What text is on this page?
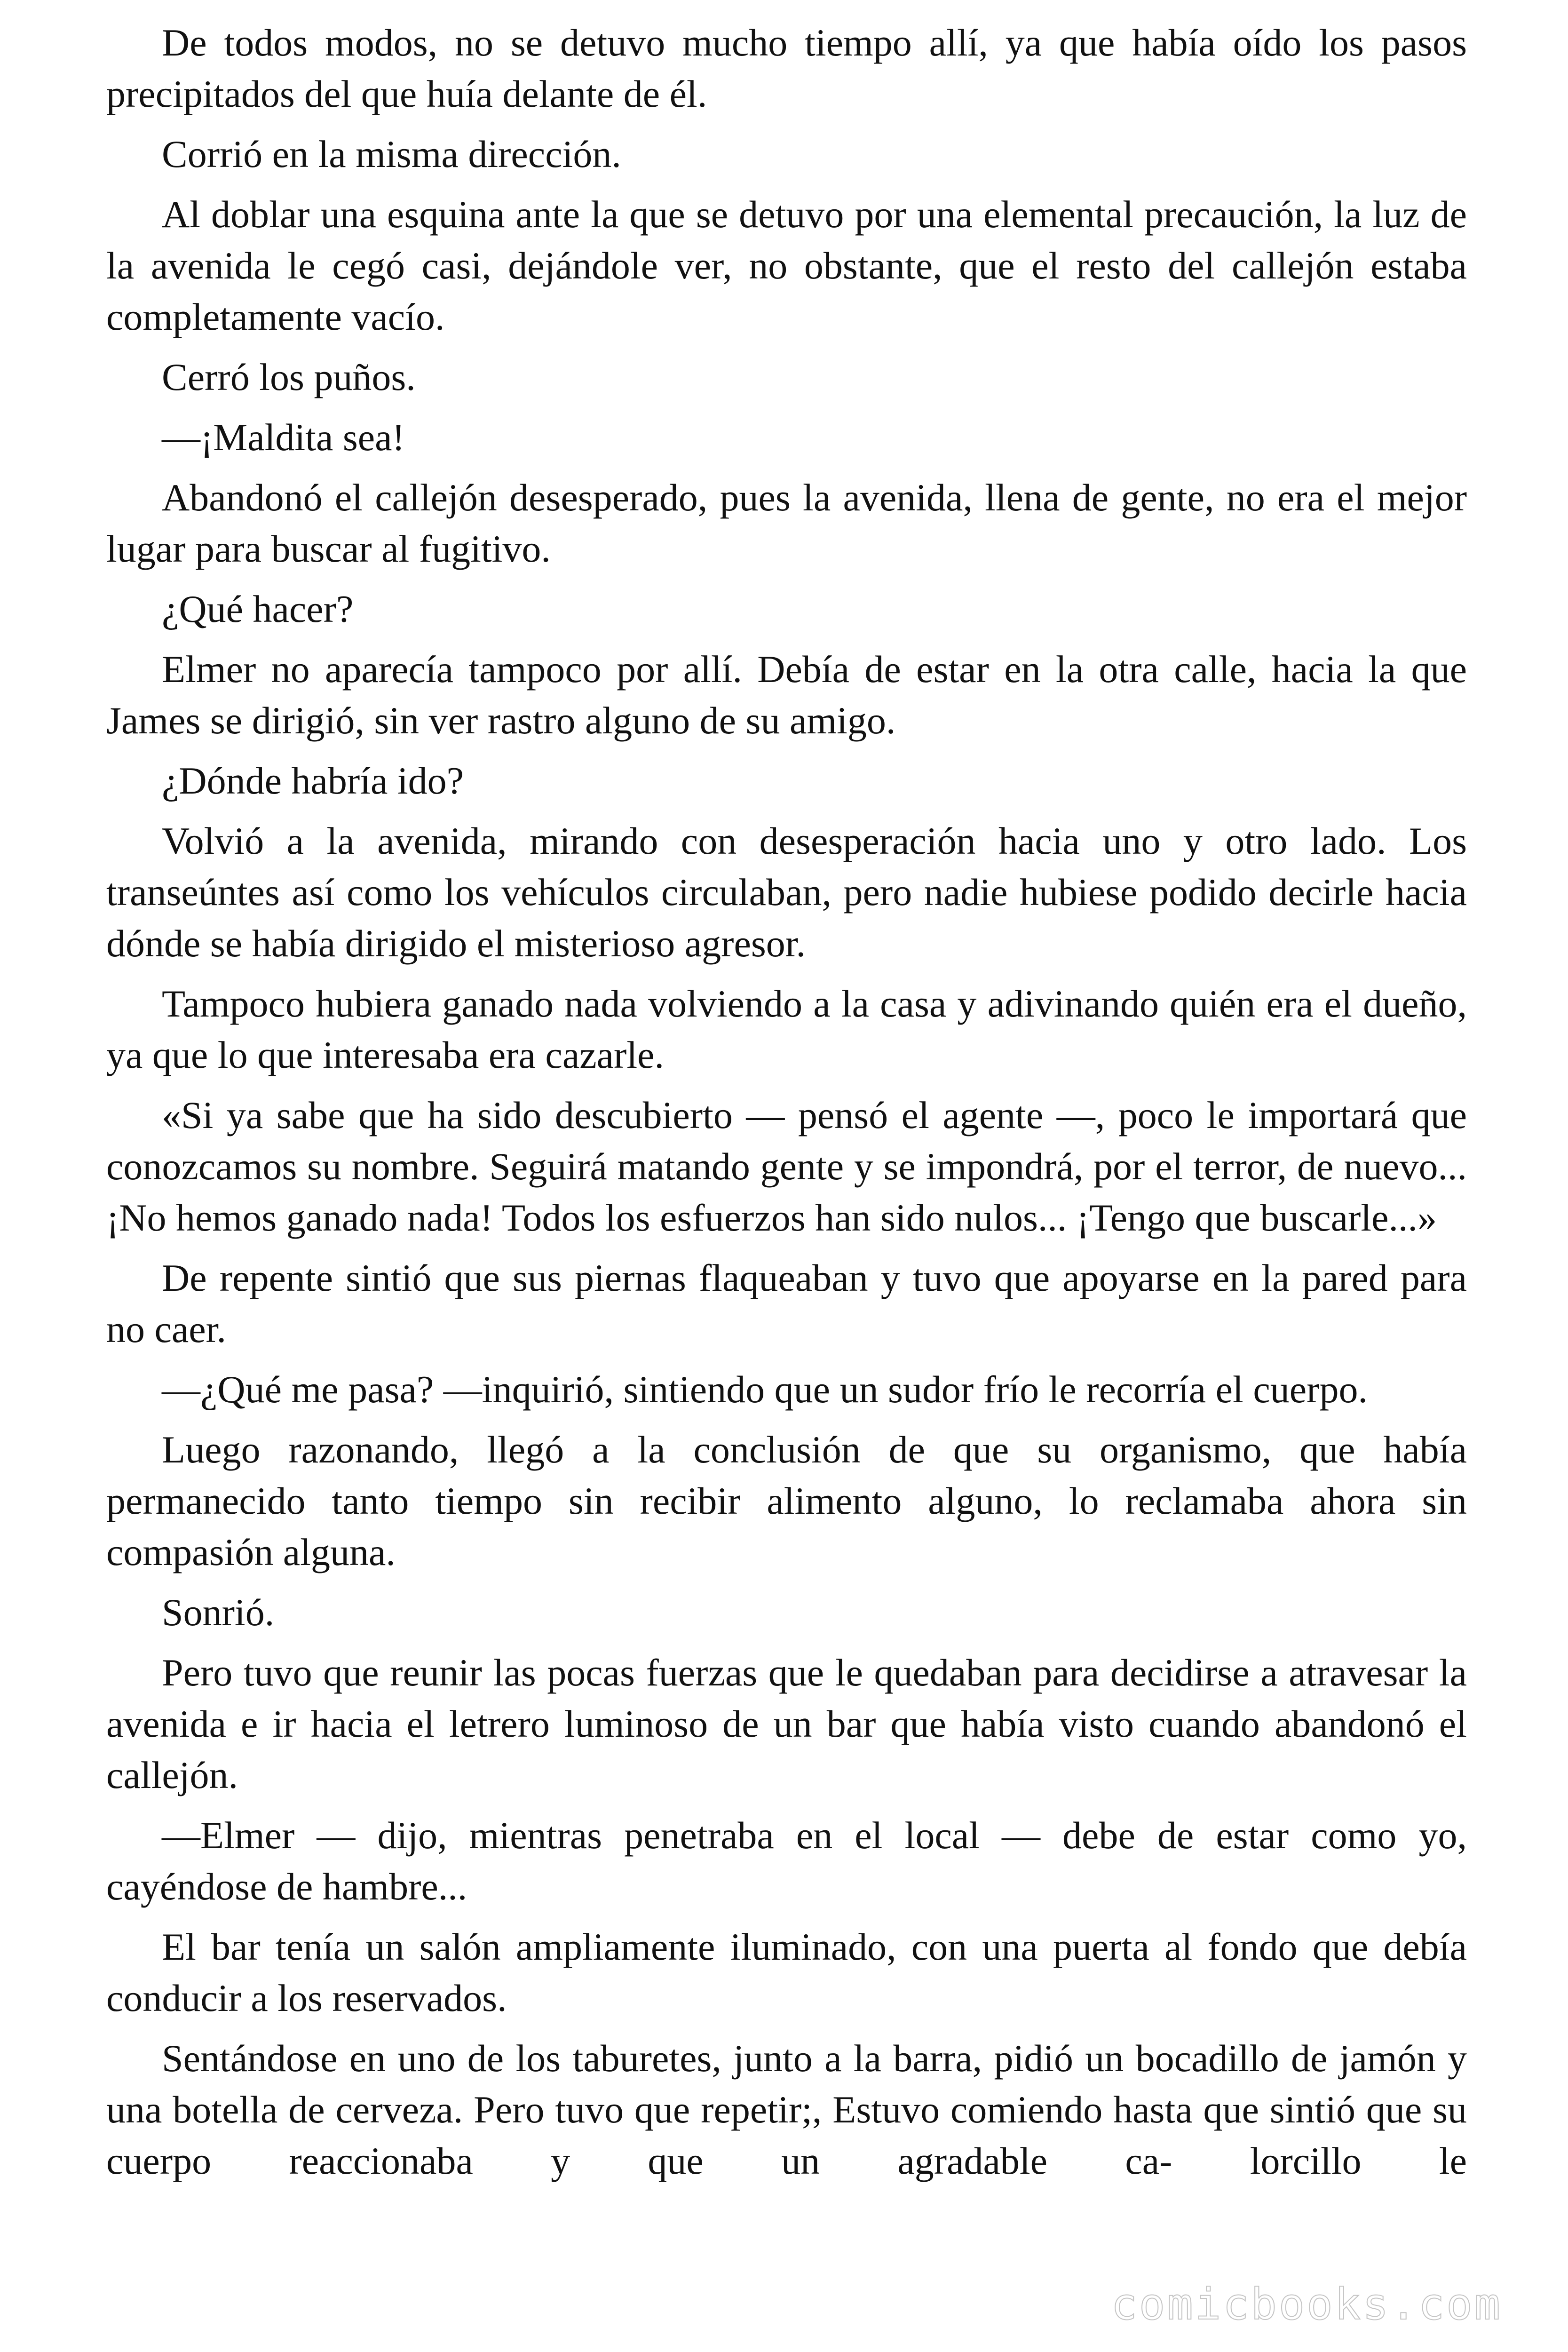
De todos modos, no se detuvo mucho tiempo allí, ya que había oído los pasos precipitados del que huía delante de él.

Corrió en la misma dirección.

Al doblar una esquina ante la que se detuvo por una elemental precaución, la luz de la avenida le cegó casi, dejándole ver, no obstante, que el resto del callejón estaba completamente vacío.

Cerró los puños.

—¡Maldita sea!

Abandonó el callejón desesperado, pues la avenida, llena de gente, no era el mejor lugar para buscar al fugitivo.

¿Qué hacer?

Elmer no aparecía tampoco por allí. Debía de estar en la otra calle, hacia la que James se dirigió, sin ver rastro alguno de su amigo.

¿Dónde habría ido?

Volvió a la avenida, mirando con desesperación hacia uno y otro lado. Los transeúntes así como los vehículos circulaban, pero nadie hubiese podido decirle hacia dónde se había dirigido el misterioso agresor.

Tampoco hubiera ganado nada volviendo a la casa y adivinando quién era el dueño, ya que lo que interesaba era cazarle.

«Si ya sabe que ha sido descubierto — pensó el agente —, poco le importará que conozcamos su nombre. Seguirá matando gente y se impondrá, por el terror, de nuevo... ¡No hemos ganado nada! Todos los esfuerzos han sido nulos... ¡Tengo que buscarle...»

De repente sintió que sus piernas flaqueaban y tuvo que apoyarse en la pared para no caer.

—¿Qué me pasa? —inquirió, sintiendo que un sudor frío le recorría el cuerpo.

Luego razonando, llegó a la conclusión de que su organismo, que había permanecido tanto tiempo sin recibir alimento alguno, lo reclamaba ahora sin compasión alguna.

Sonrió.

Pero tuvo que reunir las pocas fuerzas que le quedaban para decidirse a atravesar la avenida e ir hacia el letrero luminoso de un bar que había visto cuando abandonó el callejón.

—Elmer — dijo, mientras penetraba en el local — debe de estar como yo, cayéndose de hambre...

El bar tenía un salón ampliamente iluminado, con una puerta al fondo que debía conducir a los reservados.

Sentándose en uno de los taburetes, junto a la barra, pidió un bocadillo de jamón y una botella de cerveza. Pero tuvo que repetir;, Estuvo comiendo hasta que sintió que su cuerpo reaccionaba y que un agradable ca- lorcillo le

comicbooks.com
